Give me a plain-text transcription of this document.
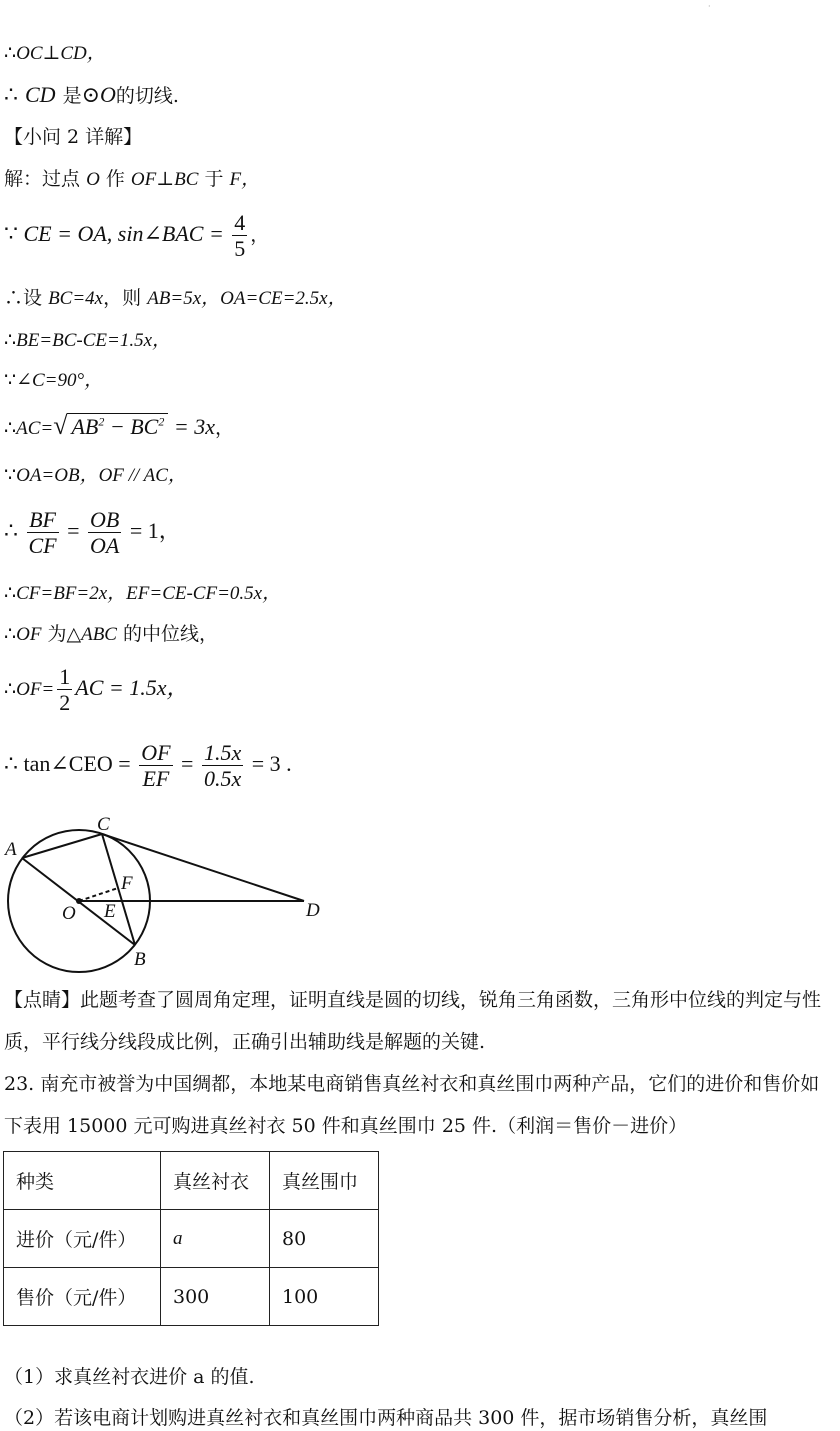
·
∴OC⊥CD，
∴ CD 是⊙O的切线.
【小问 2 详解】
解：过点 O 作 OF⊥BC 于 F，
∵ CE = OA, sin∠BAC = $\frac{4}{5}$ ，
∴设 BC=4x，则 AB=5x，OA=CE=2.5x，
∴BE=BC-CE=1.5x，
∵∠C=90°，
∴AC=√ $AB^2 - BC^2 = 3x$，
∵OA=OB，OF // AC，
∴ $\frac{BF}{CF} = \frac{OB}{OA} = 1$，
∴CF=BF=2x，EF=CE-CF=0.5x，
∴OF 为△ABC 的中位线，
∴OF= $\frac{1}{2}$ AC = 1.5x，
∴ tan∠CEO = $\frac{OF}{EF} = \frac{1.5x}{0.5x} = 3$ .
A
C
F
O E	D
B
【点睛】此题考查了圆周角定理，证明直线是圆的切线，锐角三角函数，三角形中位线的判定与性质，平行线分线段成比例，正确引出辅助线是解题的关键.
23. 南充市被誉为中国绸都，本地某电商销售真丝衬衣和真丝围巾两种产品，它们的进价和售价如下表用 15000 元可购进真丝衬衣 50 件和真丝围巾 25 件.（利润＝售价－进价）
种类	真丝衬衣	真丝围巾
进价（元/件）	a	80
售价（元/件）	300	100
（1）求真丝衬衣进价 a 的值.
（2）若该电商计划购进真丝衬衣和真丝围巾两种商品共 300 件，据市场销售分析，真丝围
